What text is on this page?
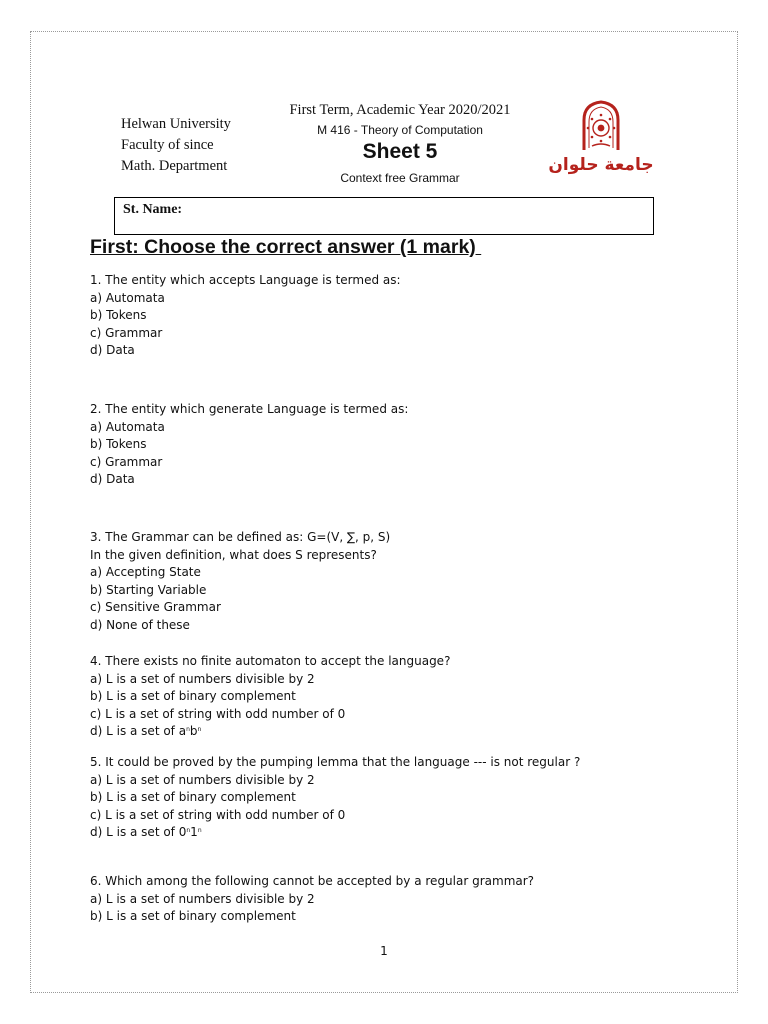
Helwan University
Faculty of since
Math. Department
First Term, Academic Year 2020/2021
M 416 - Theory of Computation
Sheet 5
Context free Grammar
جامعة حلوان
St. Name:
First: Choose the correct answer (1 mark)
1. The entity which accepts Language is termed as:
a) Automata
b) Tokens
c) Grammar
d) Data
2. The entity which generate Language is termed as:
a) Automata
b) Tokens
c) Grammar
d) Data
3. The Grammar can be defined as: G=(V, ∑, p, S)
In the given definition, what does S represents?
a) Accepting State
b) Starting Variable
c) Sensitive Grammar
d) None of these
4. There exists no finite automaton to accept the language?
a) L is a set of numbers divisible by 2
b) L is a set of binary complement
c) L is a set of string with odd number of 0
d) L is a set of $a^nb^n$
5. It could be proved by the pumping lemma that the language --- is not regular ?
a) L is a set of numbers divisible by 2
b) L is a set of binary complement
c) L is a set of string with odd number of 0
d) L is a set of 0$^n$1$^n$
6. Which among the following cannot be accepted by a regular grammar?
a) L is a set of numbers divisible by 2
b) L is a set of binary complement
1
